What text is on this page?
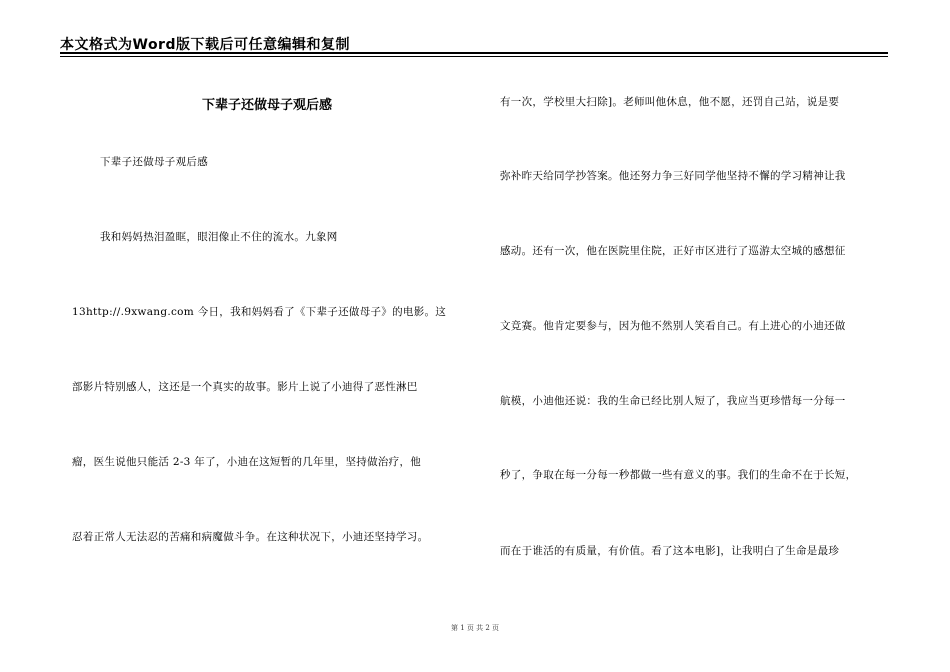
本文格式为Word版下载后可任意编辑和复制
下辈子还做母子观后感
下辈子还做母子观后感
我和妈妈热泪盈眶，眼泪像止不住的流水。九象网
13http://.9xwang.com 今日，我和妈妈看了《下辈子还做母子》的电影。这
部影片特别感人，这还是一个真实的故事。影片上说了小迪得了恶性淋巴
瘤，医生说他只能活 2-3 年了，小迪在这短暂的几年里，坚持做治疗，他
忍着正常人无法忍的苦痛和病魔做斗争。在这种状况下，小迪还坚持学习。
有一次，学校里大扫除]。老师叫他休息，他不愿，还罚自己站，说是要
弥补昨天给同学抄答案。他还努力争三好同学他坚持不懈的学习精神让我
感动。还有一次，他在医院里住院，正好市区进行了巡游太空城的感想征
文竞赛。他肯定要参与，因为他不然别人笑看自己。有上进心的小迪还做
航模，小迪他还说：我的生命已经比别人短了，我应当更珍惜每一分每一
秒了，争取在每一分每一秒都做一些有意义的事。我们的生命不在于长短，
而在于谁活的有质量，有价值。看了这本电影]，让我明白了生命是最珍
第 1 页 共 2 页
